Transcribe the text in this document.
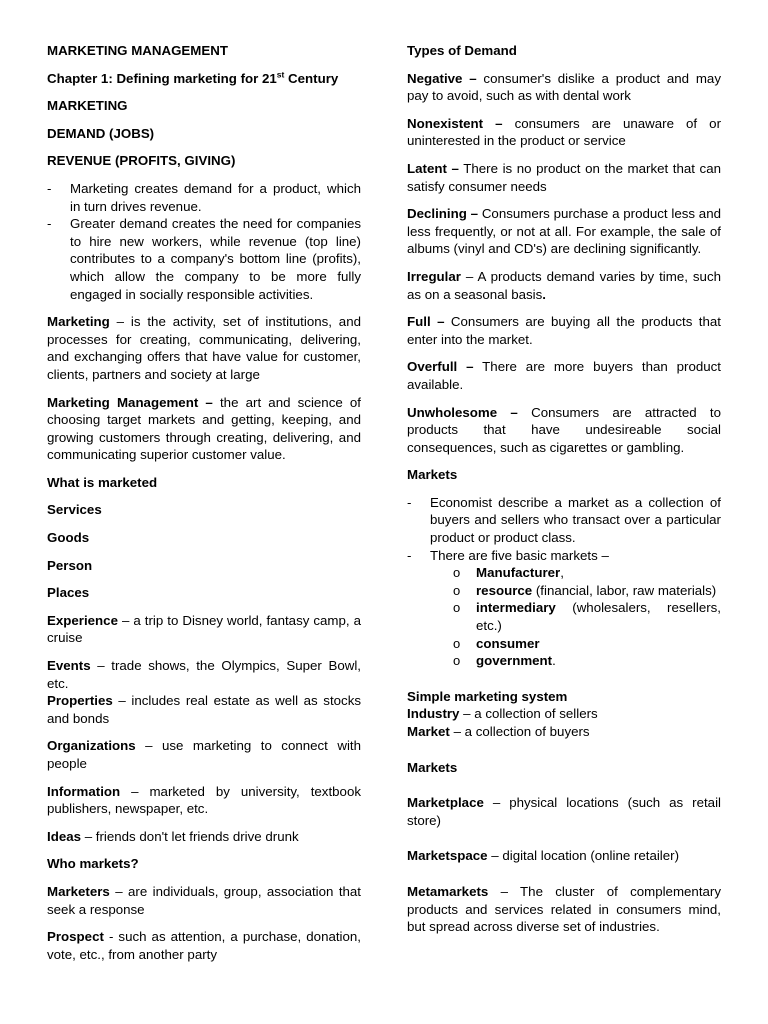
MARKETING MANAGEMENT

Chapter 1: Defining marketing for 21st Century

MARKETING

DEMAND (JOBS)

REVENUE (PROFITS, GIVING)

- Marketing creates demand for a product, which in turn drives revenue.

- Greater demand creates the need for companies to hire new workers, while revenue (top line) contributes to a company's bottom line (profits), which allow the company to be more fully engaged in socially responsible activities.

Marketing – is the activity, set of institutions, and processes for creating, communicating, delivering, and exchanging offers that have value for customer, clients, partners and society at large

Marketing Management – the art and science of choosing target markets and getting, keeping, and growing customers through creating, delivering, and communicating superior customer value.

What is marketed

Services

Goods

Person

Places

Experience – a trip to Disney world, fantasy camp, a cruise

Events – trade shows, the Olympics, Super Bowl, etc.

Properties – includes real estate as well as stocks and bonds

Organizations – use marketing to connect with people

Information – marketed by university, textbook publishers, newspaper, etc.

Ideas – friends don't let friends drive drunk

Who markets?

Marketers – are individuals, group, association that seek a response

Prospect - such as attention, a purchase, donation, vote, etc., from another party

Types of Demand

Negative – consumer's dislike a product and may pay to avoid, such as with dental work

Nonexistent – consumers are unaware of or uninterested in the product or service

Latent – There is no product on the market that can satisfy consumer needs

Declining – Consumers purchase a product less and less frequently, or not at all. For example, the sale of albums (vinyl and CD's) are declining significantly.

Irregular – A products demand varies by time, such as on a seasonal basis.

Full – Consumers are buying all the products that enter into the market.

Overfull – There are more buyers than product available.

Unwholesome – Consumers are attracted to products that have undesireable social consequences, such as cigarettes or gambling.

Markets

- Economist describe a market as a collection of buyers and sellers who transact over a particular product or product class.

- There are five basic markets –

o Manufacturer,

o resource (financial, labor, raw materials)

o intermediary (wholesalers, resellers, etc.)

o consumer

o government.

Simple marketing system

Industry – a collection of sellers

Market – a collection of buyers

Markets

Marketplace – physical locations (such as retail store)

Marketspace – digital location (online retailer)

Metamarkets – The cluster of complementary products and services related in consumers mind, but spread across diverse set of industries.
